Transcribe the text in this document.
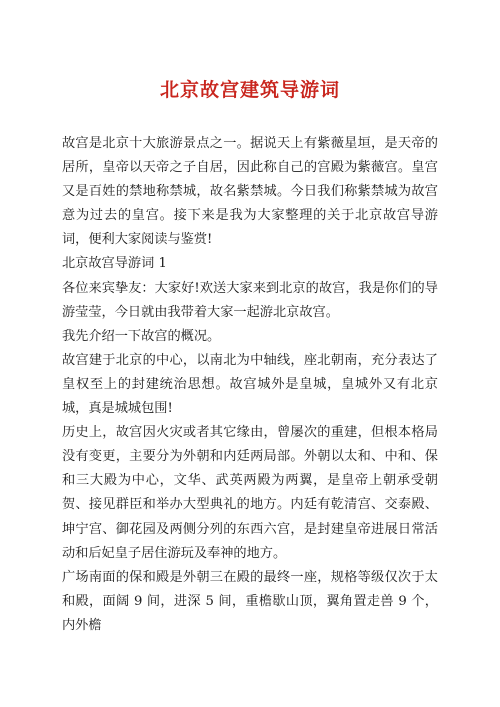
北京故宫建筑导游词

故宫是北京十大旅游景点之一。据说天上有紫薇星垣，是天帝的居所，皇帝以天帝之子自居，因此称自己的宫殿为紫薇宫。皇宫又是百姓的禁地称禁城，故名紫禁城。今日我们称紫禁城为故宫意为过去的皇宫。接下来是我为大家整理的关于北京故宫导游词，便利大家阅读与鉴赏!

北京故宫导游词 1

各位来宾挚友：大家好!欢送大家来到北京的故宫，我是你们的导游莹莹，今日就由我带着大家一起游北京故宫。

我先介绍一下故宫的概况。

故宫建于北京的中心，以南北为中轴线，座北朝南，充分表达了皇权至上的封建统治思想。故宫城外是皇城，皇城外又有北京城，真是城城包围!

历史上，故宫因火灾或者其它缘由，曾屡次的重建，但根本格局没有变更，主要分为外朝和内廷两局部。外朝以太和、中和、保和三大殿为中心，文华、武英两殿为两翼，是皇帝上朝承受朝贺、接见群臣和举办大型典礼的地方。内廷有乾清宫、交泰殿、坤宁宫、御花园及两侧分列的东西六宫，是封建皇帝进展日常活动和后妃皇子居住游玩及奉神的地方。

广场南面的保和殿是外朝三在殿的最终一座，规格等级仅次于太和殿，面阔 9 间，进深 5 间，重檐歇山顶，翼角置走兽 9 个，内外檐
